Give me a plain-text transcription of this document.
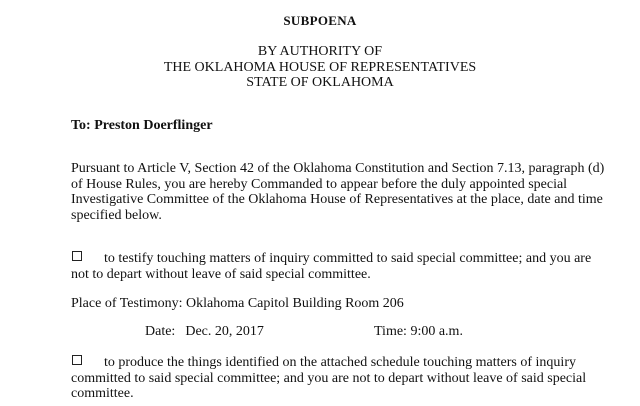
SUBPOENA
BY AUTHORITY OF
THE OKLAHOMA HOUSE OF REPRESENTATIVES
STATE OF OKLAHOMA
To: Preston Doerflinger
Pursuant to Article V, Section 42 of the Oklahoma Constitution and Section 7.13, paragraph (d)
of House Rules, you are hereby Commanded to appear before the duly appointed special
Investigative Committee of the Oklahoma House of Representatives at the place, date and time
specified below.
to testify touching matters of inquiry committed to said special committee; and you are
not to depart without leave of said special committee.
Place of Testimony: Oklahoma Capitol Building Room 206
Date: Dec. 20, 2017	Time: 9:00 a.m.
to produce the things identified on the attached schedule touching matters of inquiry
committed to said special committee; and you are not to depart without leave of said special
committee.
